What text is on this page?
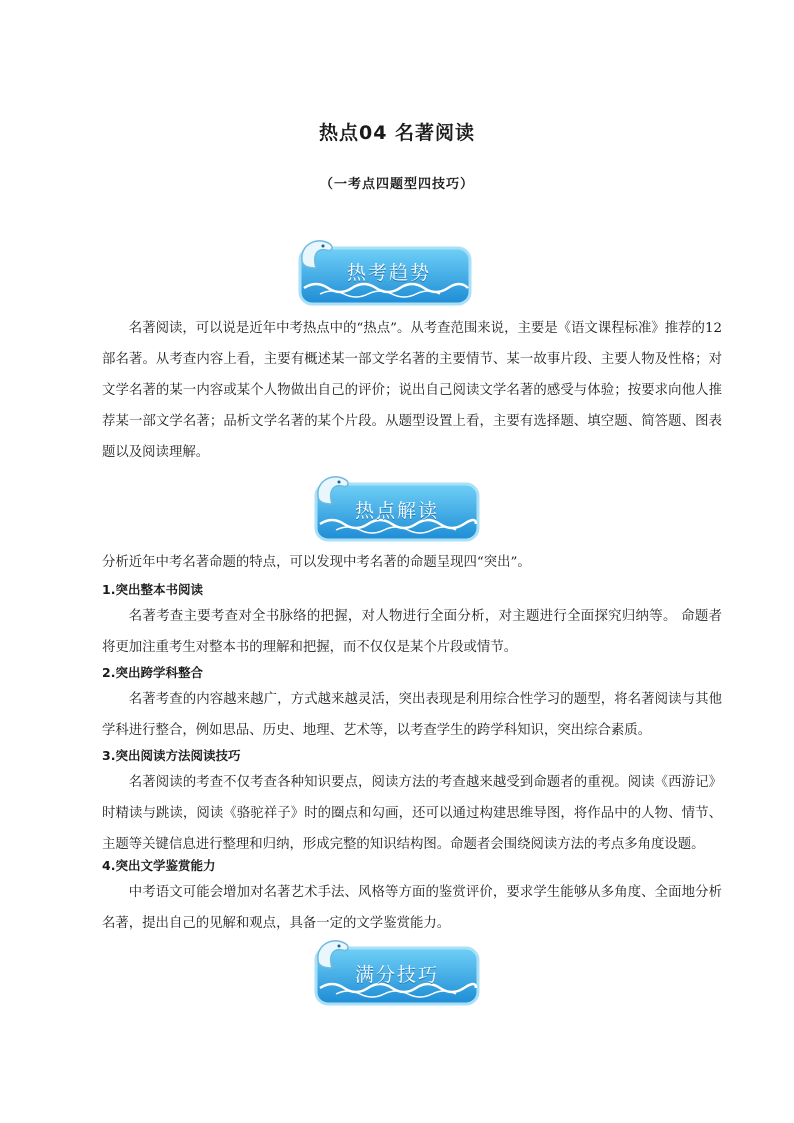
热点04 名著阅读
（一考点四题型四技巧）
热考趋势

名著阅读，可以说是近年中考热点中的“热点”。从考查范围来说，主要是《语文课程标准》推荐的12部名著。从考查内容上看，主要有概述某一部文学名著的主要情节、某一故事片段、主要人物及性格；对文学名著的某一内容或某个人物做出自己的评价；说出自己阅读文学名著的感受与体验；按要求向他人推荐某一部文学名著；品析文学名著的某个片段。从题型设置上看，主要有选择题、填空题、简答题、图表题以及阅读理解。

热点解读

分析近年中考名著命题的特点，可以发现中考名著的命题呈现四“突出”。

1.突出整本书阅读

名著考查主要考查对全书脉络的把握，对人物进行全面分析，对主题进行全面探究归纳等。 命题者将更加注重考生对整本书的理解和把握，而不仅仅是某个片段或情节。

2.突出跨学科整合

名著考查的内容越来越广，方式越来越灵活，突出表现是利用综合性学习的题型，将名著阅读与其他学科进行整合，例如思品、历史、地理、艺术等，以考查学生的跨学科知识，突出综合素质。

3.突出阅读方法阅读技巧

名著阅读的考查不仅考查各种知识要点，阅读方法的考查越来越受到命题者的重视。阅读《西游记》时精读与跳读，阅读《骆驼祥子》时的圈点和勾画，还可以通过构建思维导图，将作品中的人物、情节、主题等关键信息进行整理和归纳，形成完整的知识结构图。命题者会围绕阅读方法的考点多角度设题。

4.突出文学鉴赏能力

中考语文可能会增加对名著艺术手法、风格等方面的鉴赏评价，要求学生能够从多角度、全面地分析名著，提出自己的见解和观点，具备一定的文学鉴赏能力。

满分技巧
